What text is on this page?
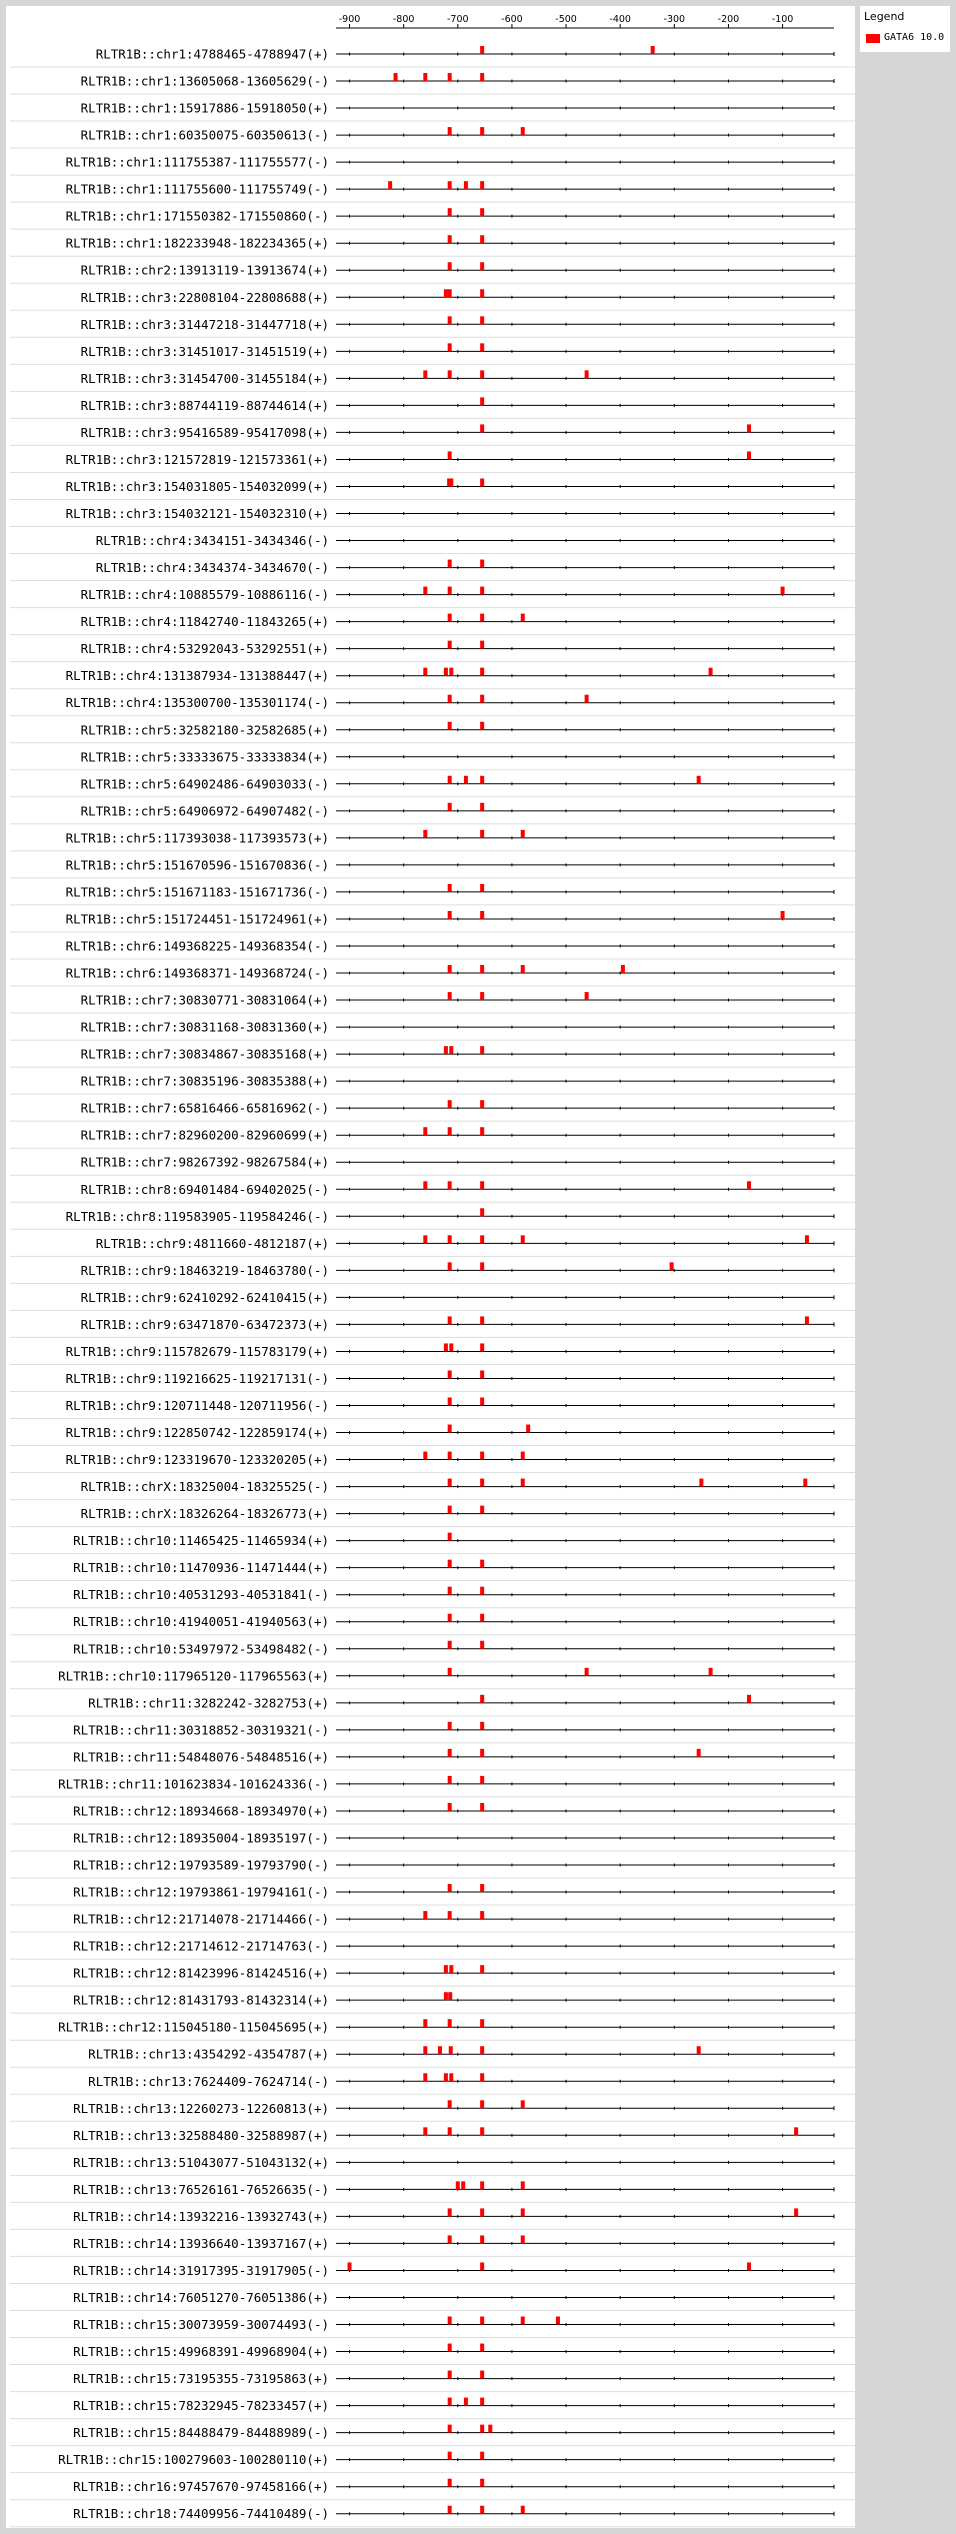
Legend
GATA6 10.0
-900	-800	-700	-600	-500	-400	-300	-200	-100
RLTR1B::chr1:4788465-4788947(+)
RLTR1B::chr1:13605068-13605629(-)
RLTR1B::chr1:15917886-15918050(+)
RLTR1B::chr1:60350075-60350613(-)
RLTR1B::chr1:111755387-111755577(-)
RLTR1B::chr1:111755600-111755749(-)
RLTR1B::chr1:171550382-171550860(-)
RLTR1B::chr1:182233948-182234365(+)
RLTR1B::chr2:13913119-13913674(+)
RLTR1B::chr3:22808104-22808688(+)
RLTR1B::chr3:31447218-31447718(+)
RLTR1B::chr3:31451017-31451519(+)
RLTR1B::chr3:31454700-31455184(+)
RLTR1B::chr3:88744119-88744614(+)
RLTR1B::chr3:95416589-95417098(+)
RLTR1B::chr3:121572819-121573361(+)
RLTR1B::chr3:154031805-154032099(+)
RLTR1B::chr3:154032121-154032310(+)
RLTR1B::chr4:3434151-3434346(-)
RLTR1B::chr4:3434374-3434670(-)
RLTR1B::chr4:10885579-10886116(-)
RLTR1B::chr4:11842740-11843265(+)
RLTR1B::chr4:53292043-53292551(+)
RLTR1B::chr4:131387934-131388447(+)
RLTR1B::chr4:135300700-135301174(-)
RLTR1B::chr5:32582180-32582685(+)
RLTR1B::chr5:33333675-33333834(+)
RLTR1B::chr5:64902486-64903033(-)
RLTR1B::chr5:64906972-64907482(-)
RLTR1B::chr5:117393038-117393573(+)
RLTR1B::chr5:151670596-151670836(-)
RLTR1B::chr5:151671183-151671736(-)
RLTR1B::chr5:151724451-151724961(+)
RLTR1B::chr6:149368225-149368354(-)
RLTR1B::chr6:149368371-149368724(-)
RLTR1B::chr7:30830771-30831064(+)
RLTR1B::chr7:30831168-30831360(+)
RLTR1B::chr7:30834867-30835168(+)
RLTR1B::chr7:30835196-30835388(+)
RLTR1B::chr7:65816466-65816962(-)
RLTR1B::chr7:82960200-82960699(+)
RLTR1B::chr7:98267392-98267584(+)
RLTR1B::chr8:69401484-69402025(-)
RLTR1B::chr8:119583905-119584246(-)
RLTR1B::chr9:4811660-4812187(+)
RLTR1B::chr9:18463219-18463780(-)
RLTR1B::chr9:62410292-62410415(+)
RLTR1B::chr9:63471870-63472373(+)
RLTR1B::chr9:115782679-115783179(+)
RLTR1B::chr9:119216625-119217131(-)
RLTR1B::chr9:120711448-120711956(-)
RLTR1B::chr9:122850742-122859174(+)
RLTR1B::chr9:123319670-123320205(+)
RLTR1B::chrX:18325004-18325525(-)
RLTR1B::chrX:18326264-18326773(+)
RLTR1B::chr10:11465425-11465934(+)
RLTR1B::chr10:11470936-11471444(+)
RLTR1B::chr10:40531293-40531841(-)
RLTR1B::chr10:41940051-41940563(+)
RLTR1B::chr10:53497972-53498482(-)
RLTR1B::chr10:117965120-117965563(+)
RLTR1B::chr11:3282242-3282753(+)
RLTR1B::chr11:30318852-30319321(-)
RLTR1B::chr11:54848076-54848516(+)
RLTR1B::chr11:101623834-101624336(-)
RLTR1B::chr12:18934668-18934970(+)
RLTR1B::chr12:18935004-18935197(-)
RLTR1B::chr12:19793589-19793790(-)
RLTR1B::chr12:19793861-19794161(-)
RLTR1B::chr12:21714078-21714466(-)
RLTR1B::chr12:21714612-21714763(-)
RLTR1B::chr12:81423996-81424516(+)
RLTR1B::chr12:81431793-81432314(+)
RLTR1B::chr12:115045180-115045695(+)
RLTR1B::chr13:4354292-4354787(+)
RLTR1B::chr13:7624409-7624714(-)
RLTR1B::chr13:12260273-12260813(+)
RLTR1B::chr13:32588480-32588987(+)
RLTR1B::chr13:51043077-51043132(+)
RLTR1B::chr13:76526161-76526635(-)
RLTR1B::chr14:13932216-13932743(+)
RLTR1B::chr14:13936640-13937167(+)
RLTR1B::chr14:31917395-31917905(-)
RLTR1B::chr14:76051270-76051386(+)
RLTR1B::chr15:30073959-30074493(-)
RLTR1B::chr15:49968391-49968904(+)
RLTR1B::chr15:73195355-73195863(+)
RLTR1B::chr15:78232945-78233457(+)
RLTR1B::chr15:84488479-84488989(-)
RLTR1B::chr15:100279603-100280110(+)
RLTR1B::chr16:97457670-97458166(+)
RLTR1B::chr18:74409956-74410489(-)
